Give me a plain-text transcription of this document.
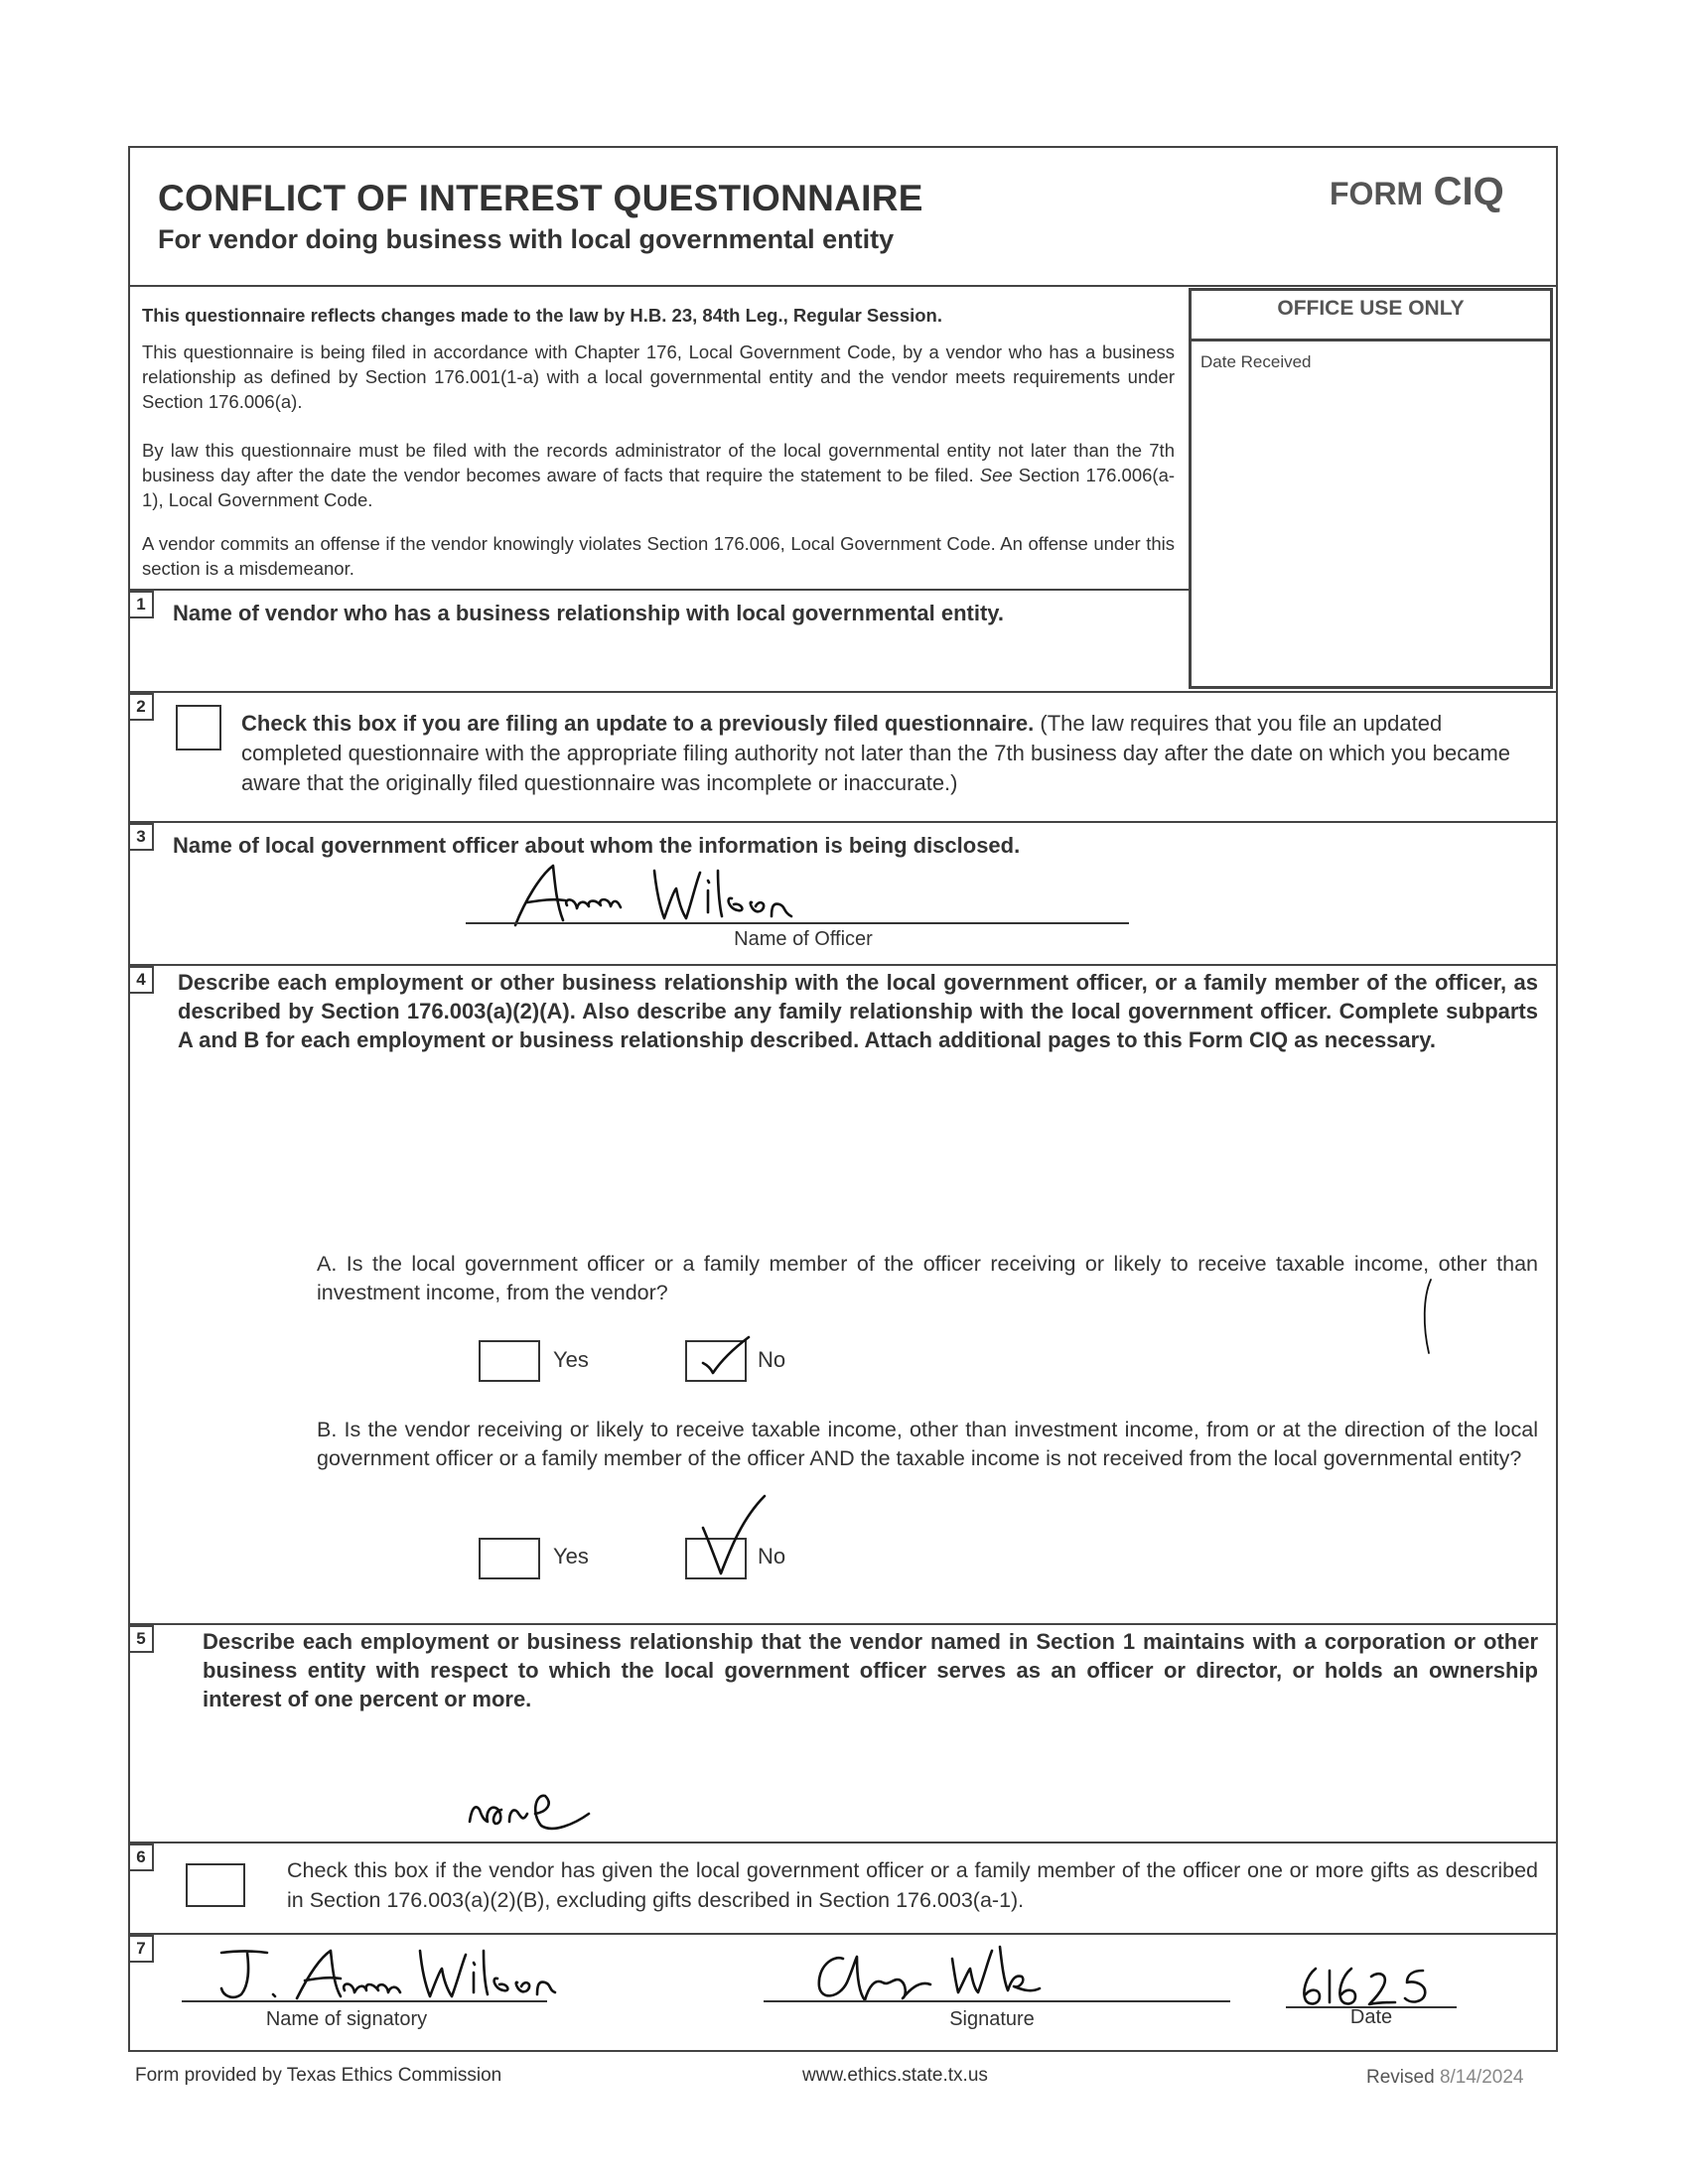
CONFLICT OF INTEREST QUESTIONNAIRE
For vendor doing business with local governmental entity
FORM CIQ
This questionnaire reflects changes made to the law by H.B. 23, 84th Leg., Regular Session.
This questionnaire is being filed in accordance with Chapter 176, Local Government Code, by a vendor who has a business relationship as defined by Section 176.001(1-a) with a local governmental entity and the vendor meets requirements under Section 176.006(a).
By law this questionnaire must be filed with the records administrator of the local governmental entity not later than the 7th business day after the date the vendor becomes aware of facts that require the statement to be filed. See Section 176.006(a-1), Local Government Code.
A vendor commits an offense if the vendor knowingly violates Section 176.006, Local Government Code. An offense under this section is a misdemeanor.
OFFICE USE ONLY
Date Received
1	Name of vendor who has a business relationship with local governmental entity.
2
Check this box if you are filing an update to a previously filed questionnaire. (The law requires that you file an updated completed questionnaire with the appropriate filing authority not later than the 7th business day after the date on which you became aware that the originally filed questionnaire was incomplete or inaccurate.)
3	Name of local government officer about whom the information is being disclosed.
Name of Officer
4	Describe each employment or other business relationship with the local government officer, or a family member of the officer, as described by Section 176.003(a)(2)(A). Also describe any family relationship with the local government officer. Complete subparts A and B for each employment or business relationship described. Attach additional pages to this Form CIQ as necessary.
A. Is the local government officer or a family member of the officer receiving or likely to receive taxable income, other than investment income, from the vendor?
Yes	No
B. Is the vendor receiving or likely to receive taxable income, other than investment income, from or at the direction of the local government officer or a family member of the officer AND the taxable income is not received from the local governmental entity?
Yes	No
5	Describe each employment or business relationship that the vendor named in Section 1 maintains with a corporation or other business entity with respect to which the local government officer serves as an officer or director, or holds an ownership interest of one percent or more.
6
Check this box if the vendor has given the local government officer or a family member of the officer one or more gifts as described in Section 176.003(a)(2)(B), excluding gifts described in Section 176.003(a-1).
7
Name of signatory	Signature	Date
Form provided by Texas Ethics Commission	www.ethics.state.tx.us	Revised 8/14/2024
